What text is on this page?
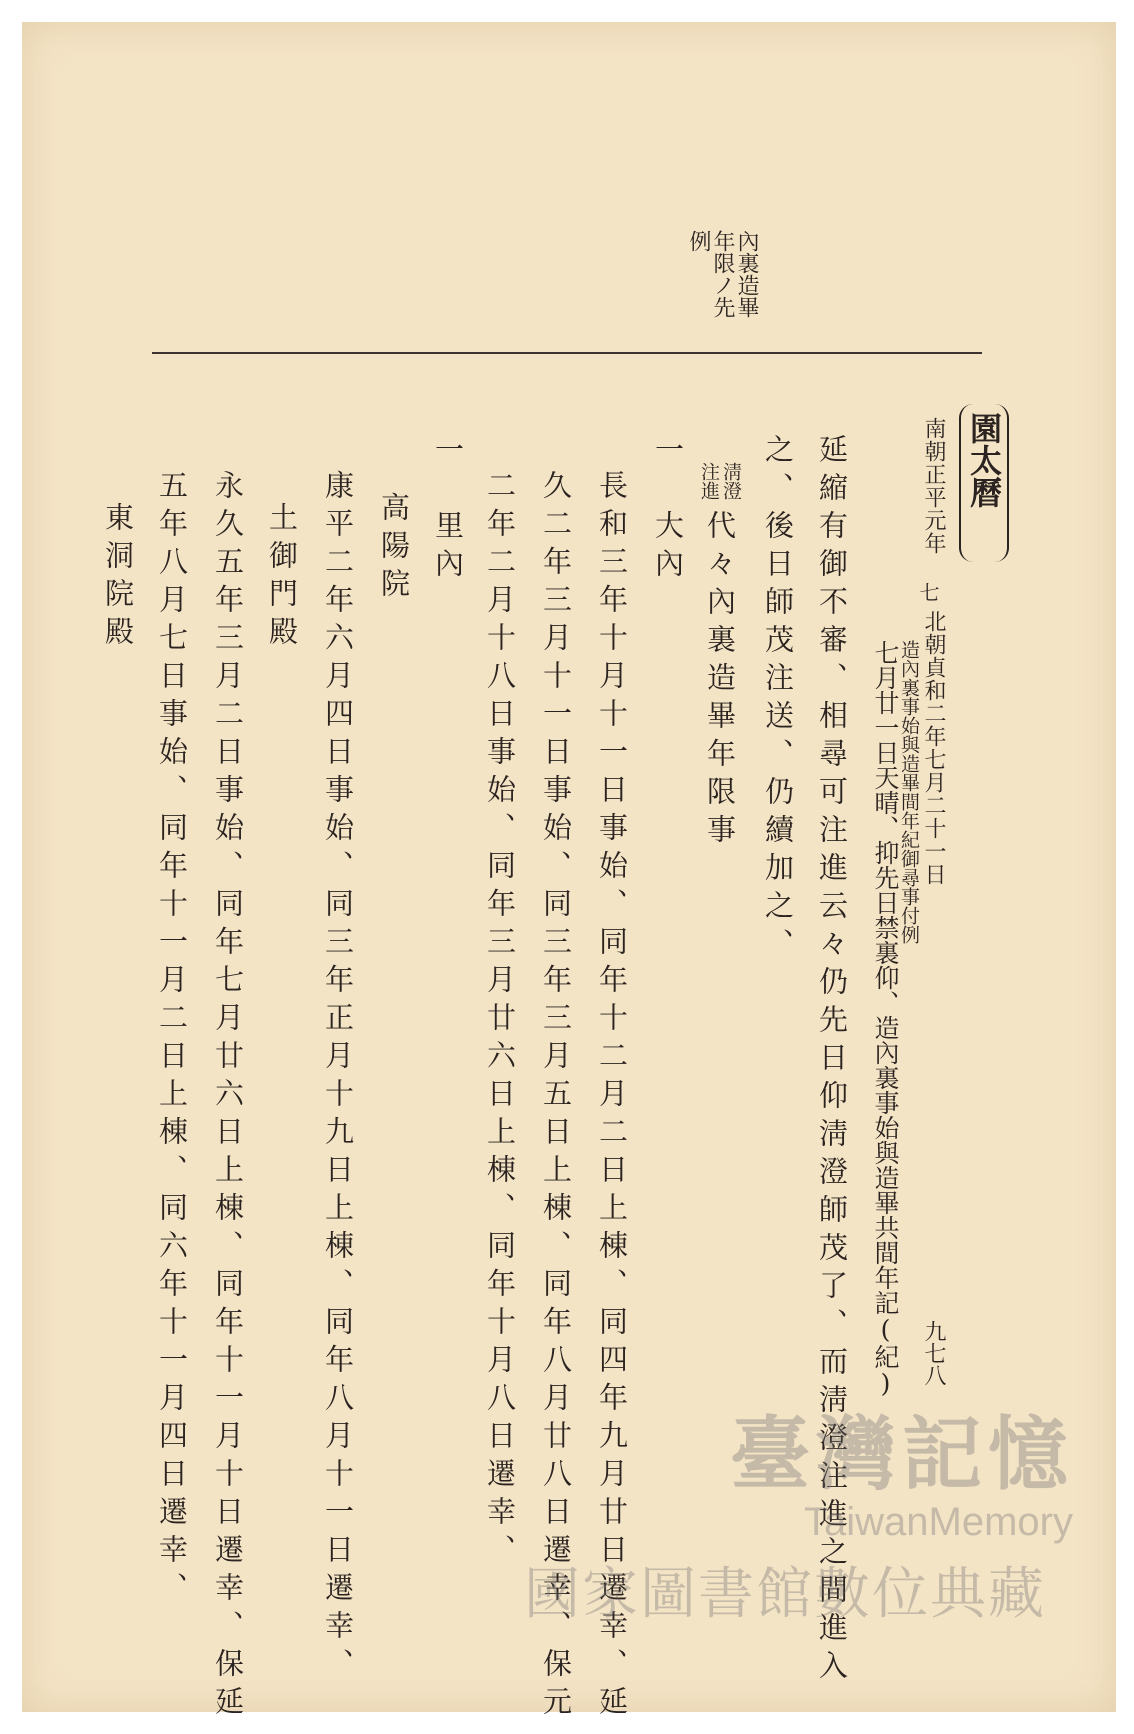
內裏造畢
年限ノ先
例
南朝正平元年
北朝貞和二年七月二十一日
九七八
園太曆
七
造內裏事始與造畢間年紀御尋事付例
七月廿一日天晴、抑先日禁裏仰、造內裏事始與造畢共間年記(紀)
延縮有御不審、相尋可注進云々仍先日仰淸澄師茂了、而淸澄注進之間進入
之、後日師茂注送、仍續加之、
淸澄
注進
代々內裏造畢年限事
一　大內
長和三年十月十一日事始、同年十二月二日上棟、同四年九月廿日遷幸、延
久二年三月十一日事始、同三年三月五日上棟、同年八月廿八日遷幸、保元
二年二月十八日事始、同年三月廿六日上棟、同年十月八日遷幸、
一　里內
高陽院
康平二年六月四日事始、同三年正月十九日上棟、同年八月十一日遷幸、
土御門殿
永久五年三月二日事始、同年七月廿六日上棟、同年十一月十日遷幸、保延
五年八月七日事始、同年十一月二日上棟、同六年十一月四日遷幸、
東洞院殿
臺灣記憶
TaiwanMemory
國家圖書館數位典藏
